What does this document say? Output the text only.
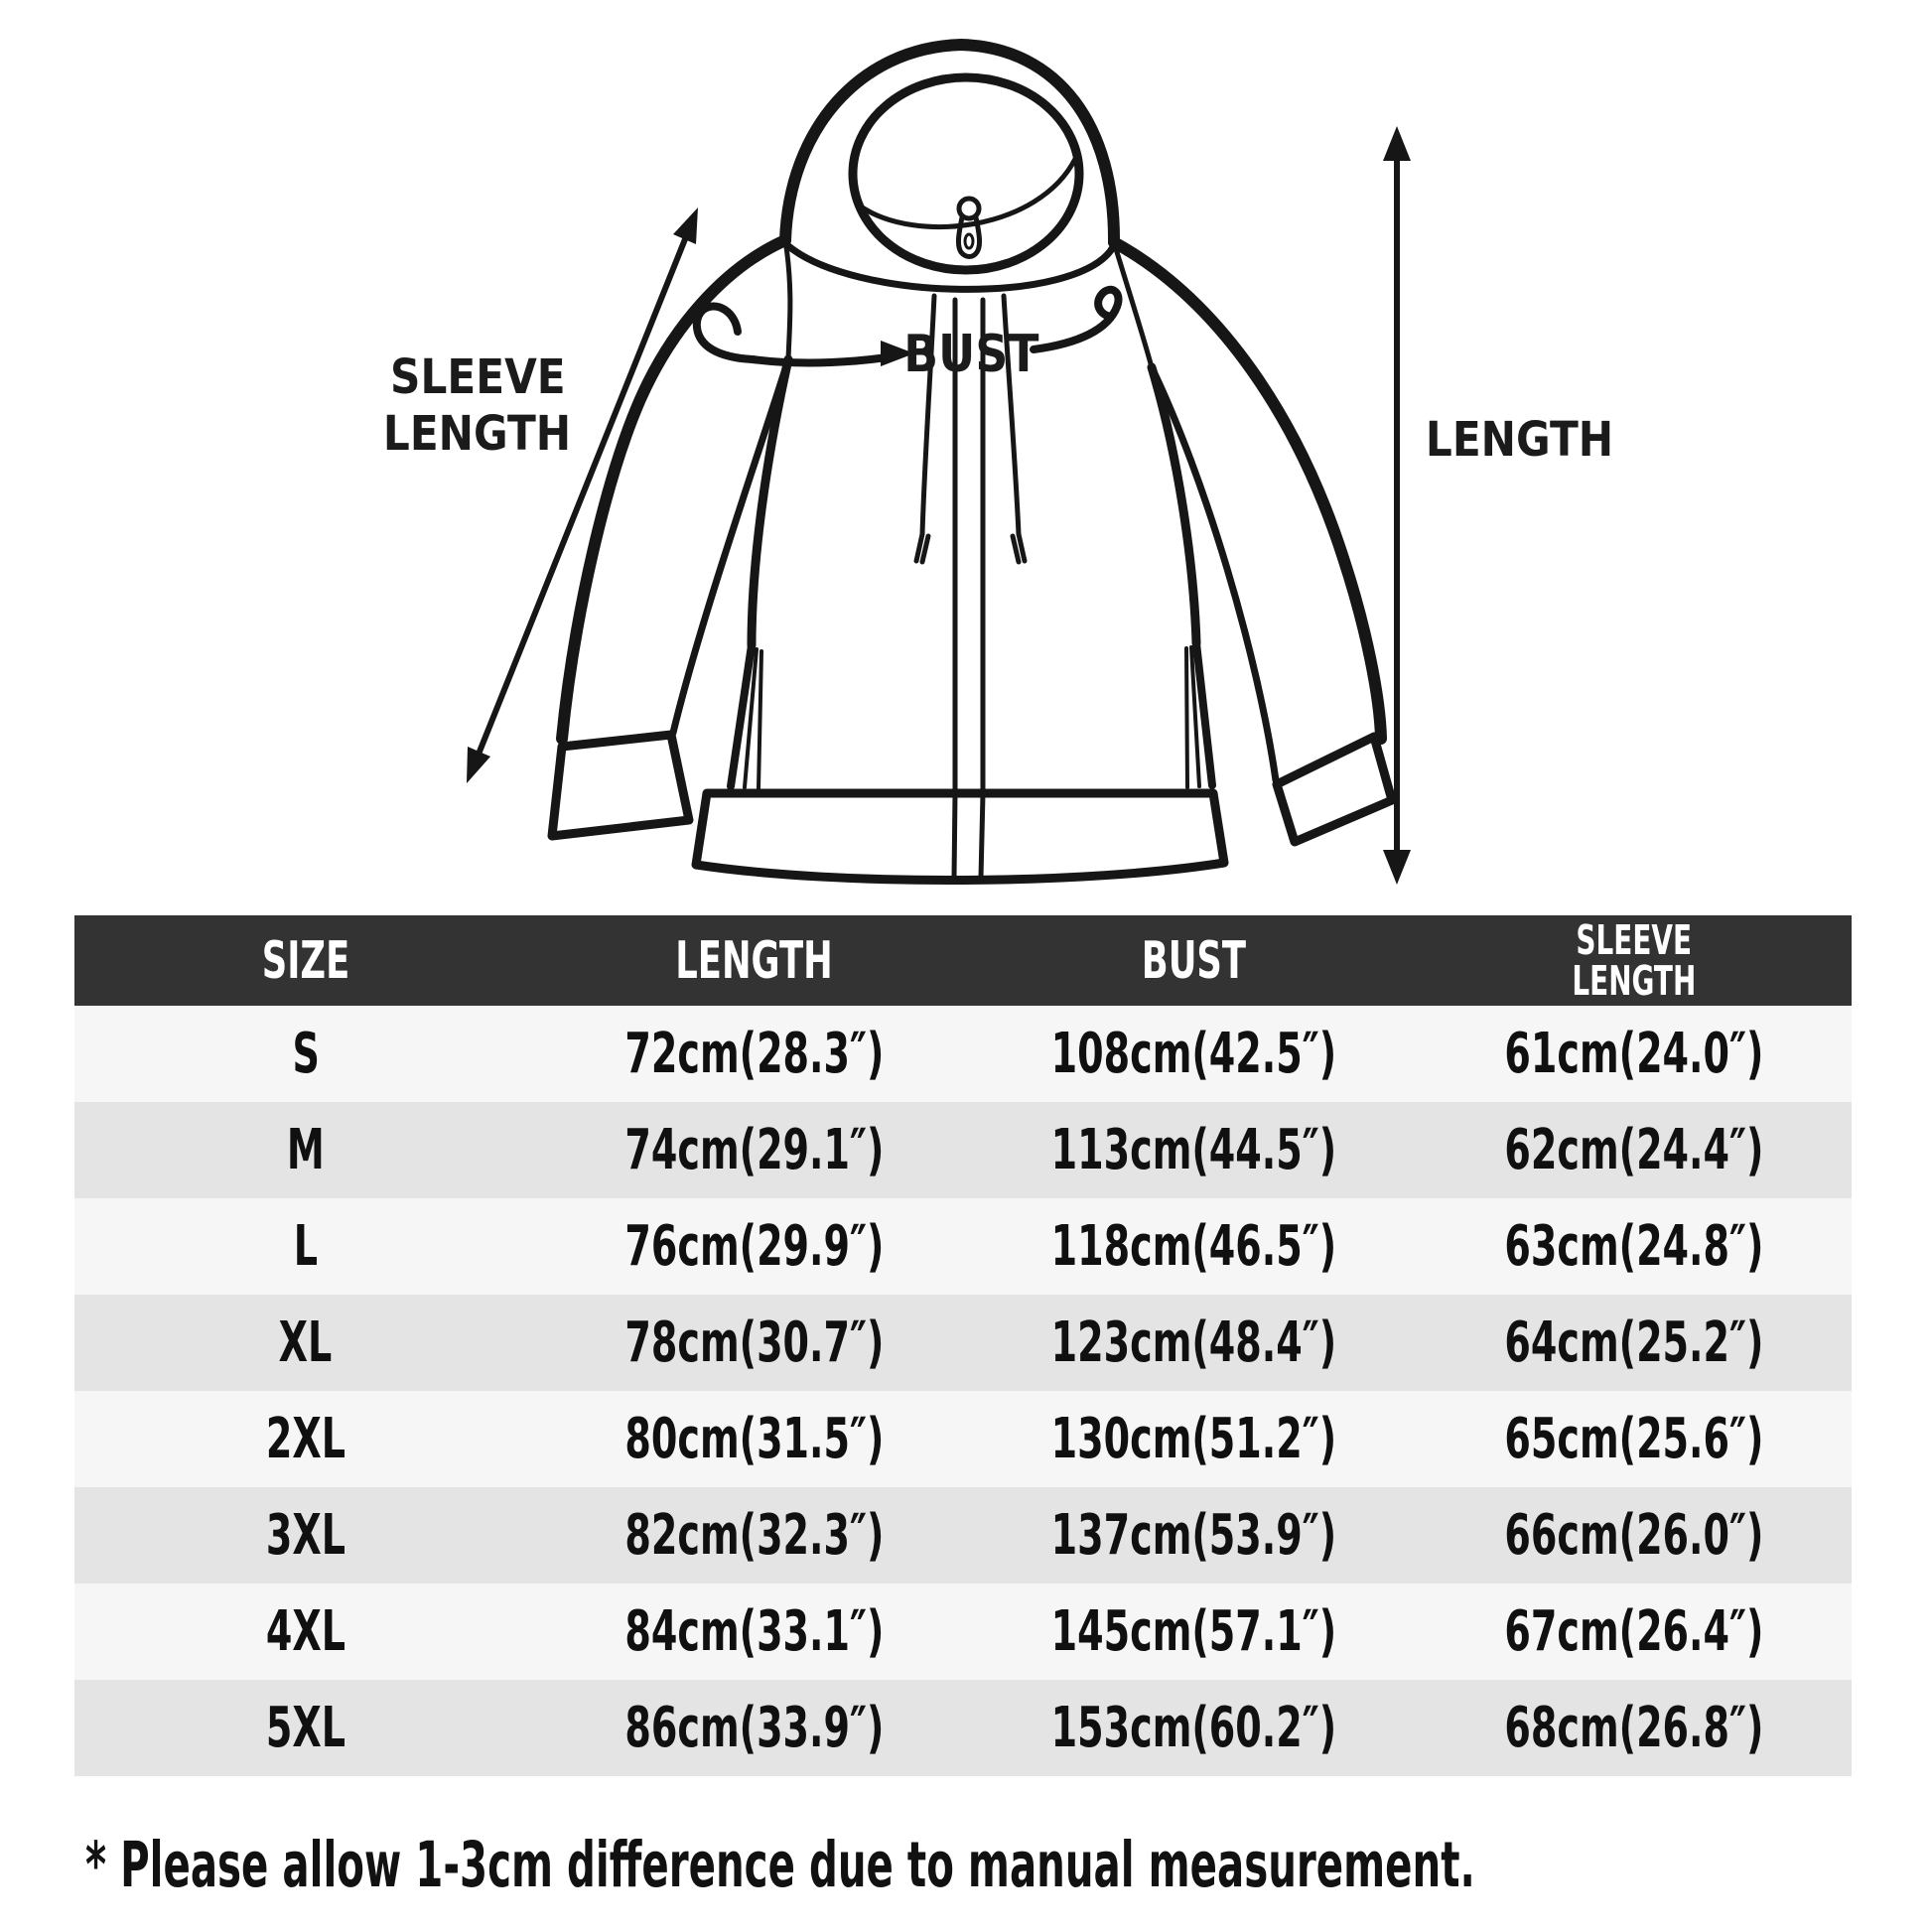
SLEEVE
LENGTH
BUST
LENGTH
SIZE	LENGTH	BUST	SLEEVE
LENGTH
S	72cm(28.3″)	108cm(42.5″)	61cm(24.0″)
M	74cm(29.1″)	113cm(44.5″)	62cm(24.4″)
L	76cm(29.9″)	118cm(46.5″)	63cm(24.8″)
XL	78cm(30.7″)	123cm(48.4″)	64cm(25.2″)
2XL	80cm(31.5″)	130cm(51.2″)	65cm(25.6″)
3XL	82cm(32.3″)	137cm(53.9″)	66cm(26.0″)
4XL	84cm(33.1″)	145cm(57.1″)	67cm(26.4″)
5XL	86cm(33.9″)	153cm(60.2″)	68cm(26.8″)
* Please allow 1-3cm difference due to manual measurement.
